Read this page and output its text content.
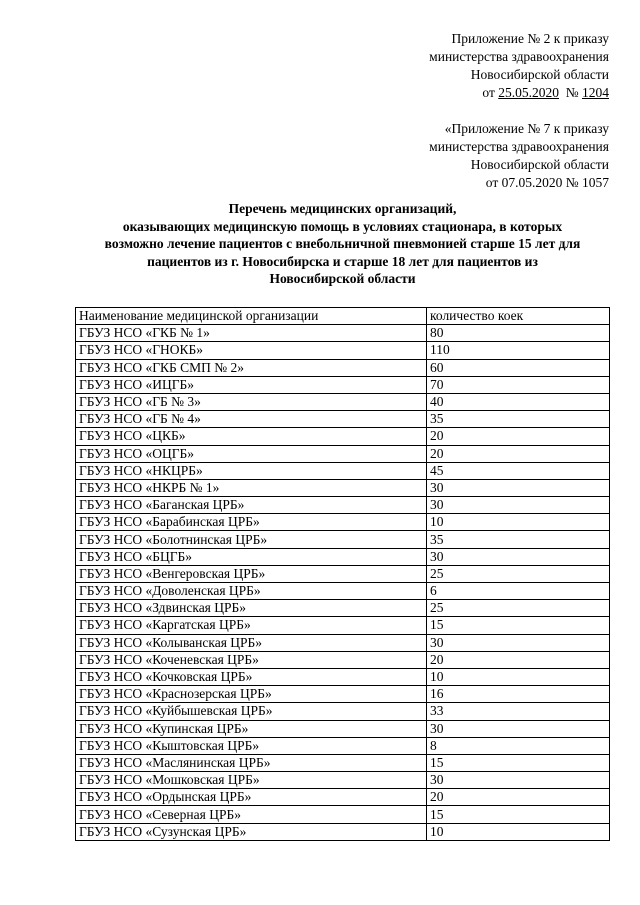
Приложение № 2 к приказу
министерства здравоохранения
Новосибирской области
от 25.05.2020 № 1204
«Приложение № 7 к приказу
министерства здравоохранения
Новосибирской области
от 07.05.2020 № 1057
Перечень медицинских организаций,
оказывающих медицинскую помощь в условиях стационара, в которых
возможно лечение пациентов с внебольничной пневмонией старше 15 лет для
пациентов из г. Новосибирска и старше 18 лет для пациентов из
Новосибирской области
Наименование медицинской организации	количество коек
ГБУЗ НСО «ГКБ № 1»	80
ГБУЗ НСО «ГНОКБ»	110
ГБУЗ НСО «ГКБ СМП № 2»	60
ГБУЗ НСО «ИЦГБ»	70
ГБУЗ НСО «ГБ № 3»	40
ГБУЗ НСО «ГБ № 4»	35
ГБУЗ НСО «ЦКБ»	20
ГБУЗ НСО «ОЦГБ»	20
ГБУЗ НСО «НКЦРБ»	45
ГБУЗ НСО «НКРБ № 1»	30
ГБУЗ НСО «Баганская ЦРБ»	30
ГБУЗ НСО «Барабинская ЦРБ»	10
ГБУЗ НСО «Болотнинская ЦРБ»	35
ГБУЗ НСО «БЦГБ»	30
ГБУЗ НСО «Венгеровская ЦРБ»	25
ГБУЗ НСО «Доволенская ЦРБ»	6
ГБУЗ НСО «Здвинская ЦРБ»	25
ГБУЗ НСО «Каргатская ЦРБ»	15
ГБУЗ НСО «Колыванская ЦРБ»	30
ГБУЗ НСО «Коченевская ЦРБ»	20
ГБУЗ НСО «Кочковская ЦРБ»	10
ГБУЗ НСО «Краснозерская ЦРБ»	16
ГБУЗ НСО «Куйбышевская ЦРБ»	33
ГБУЗ НСО «Купинская ЦРБ»	30
ГБУЗ НСО «Кыштовская ЦРБ»	8
ГБУЗ НСО «Маслянинская ЦРБ»	15
ГБУЗ НСО «Мошковская ЦРБ»	30
ГБУЗ НСО «Ордынская ЦРБ»	20
ГБУЗ НСО «Северная ЦРБ»	15
ГБУЗ НСО «Сузунская ЦРБ»	10
